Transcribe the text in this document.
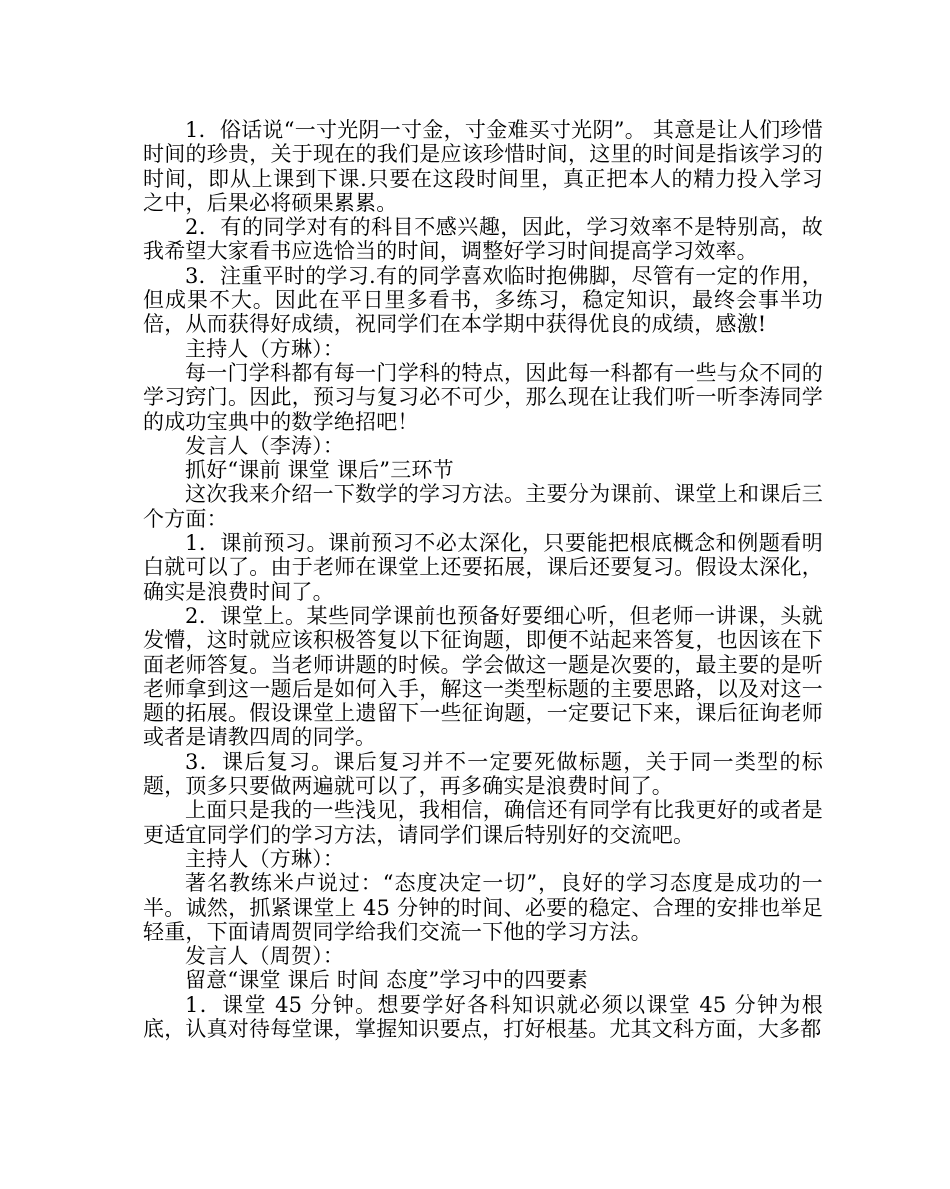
1．俗话说“一寸光阴一寸金，寸金难买寸光阴”。 其意是让人们珍惜时间的珍贵，关于现在的我们是应该珍惜时间，这里的时间是指该学习的时间，即从上课到下课.只要在这段时间里，真正把本人的精力投入学习之中，后果必将硕果累累。

2．有的同学对有的科目不感兴趣，因此，学习效率不是特别高，故我希望大家看书应选恰当的时间，调整好学习时间提高学习效率。

3．注重平时的学习.有的同学喜欢临时抱佛脚，尽管有一定的作用，但成果不大。因此在平日里多看书，多练习，稳定知识，最终会事半功倍，从而获得好成绩，祝同学们在本学期中获得优良的成绩，感激!

主持人（方琳）：

每一门学科都有每一门学科的特点，因此每一科都有一些与众不同的学习窍门。因此，预习与复习必不可少，那么现在让我们听一听李涛同学的成功宝典中的数学绝招吧！

发言人（李涛）：

抓好“课前 课堂 课后”三环节

这次我来介绍一下数学的学习方法。主要分为课前、课堂上和课后三个方面：

1．课前预习。课前预习不必太深化，只要能把根底概念和例题看明白就可以了。由于老师在课堂上还要拓展，课后还要复习。假设太深化，确实是浪费时间了。

2．课堂上。某些同学课前也预备好要细心听，但老师一讲课，头就发懵，这时就应该积极答复以下征询题，即便不站起来答复，也因该在下面老师答复。当老师讲题的时候。学会做这一题是次要的，最主要的是听老师拿到这一题后是如何入手，解这一类型标题的主要思路，以及对这一题的拓展。假设课堂上遗留下一些征询题，一定要记下来，课后征询老师或者是请教四周的同学。

3．课后复习。课后复习并不一定要死做标题，关于同一类型的标题，顶多只要做两遍就可以了，再多确实是浪费时间了。

上面只是我的一些浅见，我相信，确信还有同学有比我更好的或者是更适宜同学们的学习方法，请同学们课后特别好的交流吧。

主持人（方琳）：

著名教练米卢说过：“态度决定一切”，良好的学习态度是成功的一半。诚然，抓紧课堂上 45 分钟的时间、必要的稳定、合理的安排也举足轻重，下面请周贺同学给我们交流一下他的学习方法。

发言人（周贺）：

留意“课堂 课后 时间 态度”学习中的四要素

1．课堂 45 分钟。想要学好各科知识就必须以课堂 45 分钟为根底，认真对待每堂课，掌握知识要点，打好根基。尤其文科方面，大多都
